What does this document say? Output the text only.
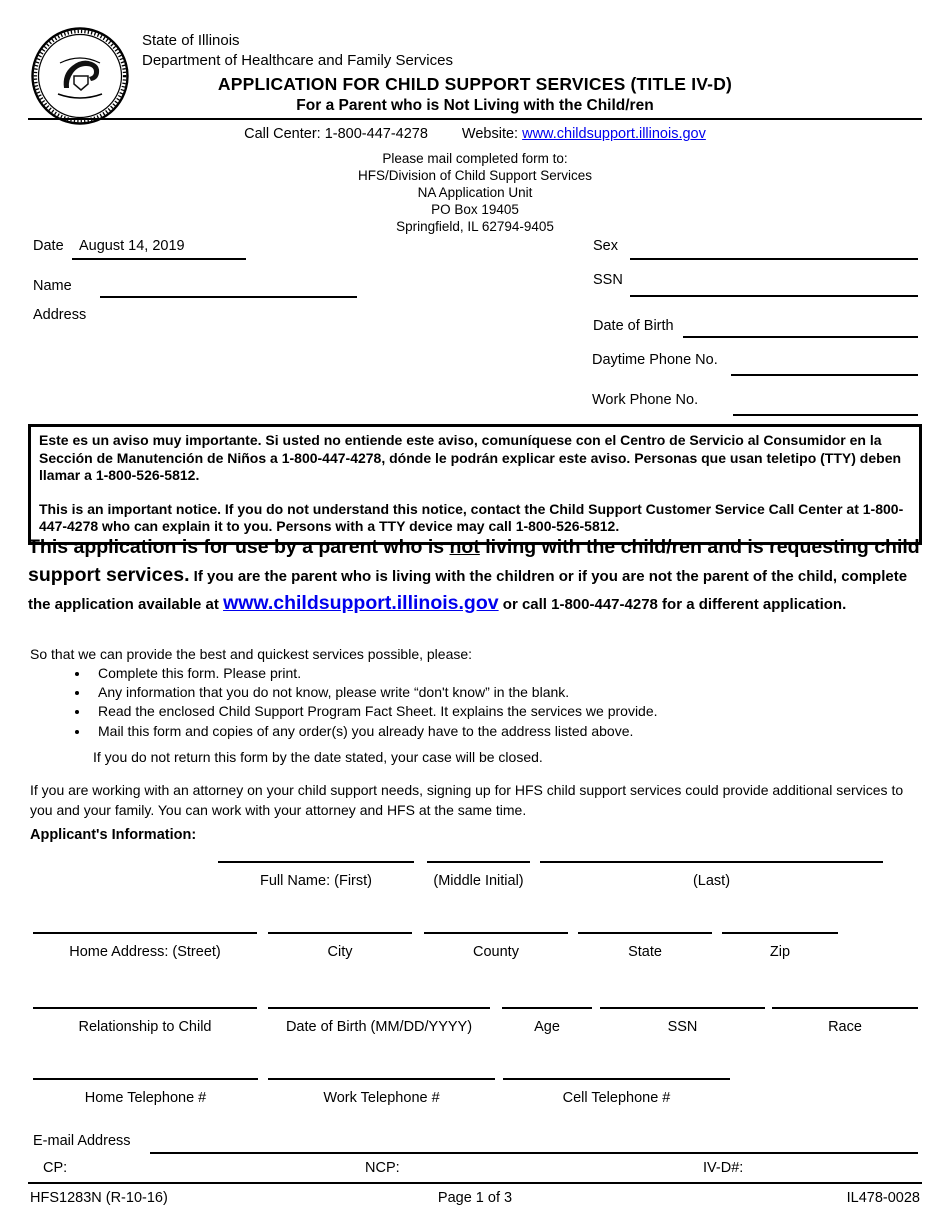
State of Illinois
Department of Healthcare and Family Services
APPLICATION FOR CHILD SUPPORT SERVICES (TITLE IV-D)
For a Parent who is Not Living with the Child/ren
Call Center: 1-800-447-4278 Website: www.childsupport.illinois.gov
Please mail completed form to:
HFS/Division of Child Support Services
NA Application Unit
PO Box 19405
Springfield, IL 62794-9405
Date August 14, 2019
Name
Address
Sex
SSN
Date of Birth
Daytime Phone No.
Work Phone No.

Este es un aviso muy importante. Si usted no entiende este aviso, comuníquese con el Centro de Servicio al Consumidor en la Sección de Manutención de Niños a 1-800-447-4278, dónde le podrán explicar este aviso. Personas que usan teletipo (TTY) deben llamar a 1-800-526-5812.

This is an important notice. If you do not understand this notice, contact the Child Support Customer Service Call Center at 1-800-447-4278 who can explain it to you. Persons with a TTY device may call 1-800-526-5812.

This application is for use by a parent who is not living with the child/ren and is requesting child support services. If you are the parent who is living with the children or if you are not the parent of the child, complete the application available at www.childsupport.illinois.gov or call 1-800-447-4278 for a different application.
So that we can provide the best and quickest services possible, please:
• Complete this form. Please print.
• Any information that you do not know, please write “don't know” in the blank.
• Read the enclosed Child Support Program Fact Sheet. It explains the services we provide.
• Mail this form and copies of any order(s) you already have to the address listed above.
If you do not return this form by the date stated, your case will be closed.
If you are working with an attorney on your child support needs, signing up for HFS child support services could provide additional services to you and your family. You can work with your attorney and HFS at the same time.
Applicant's Information:
Full Name: (First)	(Middle Initial)	(Last)
Home Address: (Street)	City	County	State	Zip
Relationship to Child	Date of Birth (MM/DD/YYYY)	Age	SSN	Race
Home Telephone #	Work Telephone #	Cell Telephone #
E-mail Address
CP:	NCP:	IV-D#:
HFS1283N (R-10-16)	Page 1 of 3	IL478-0028
